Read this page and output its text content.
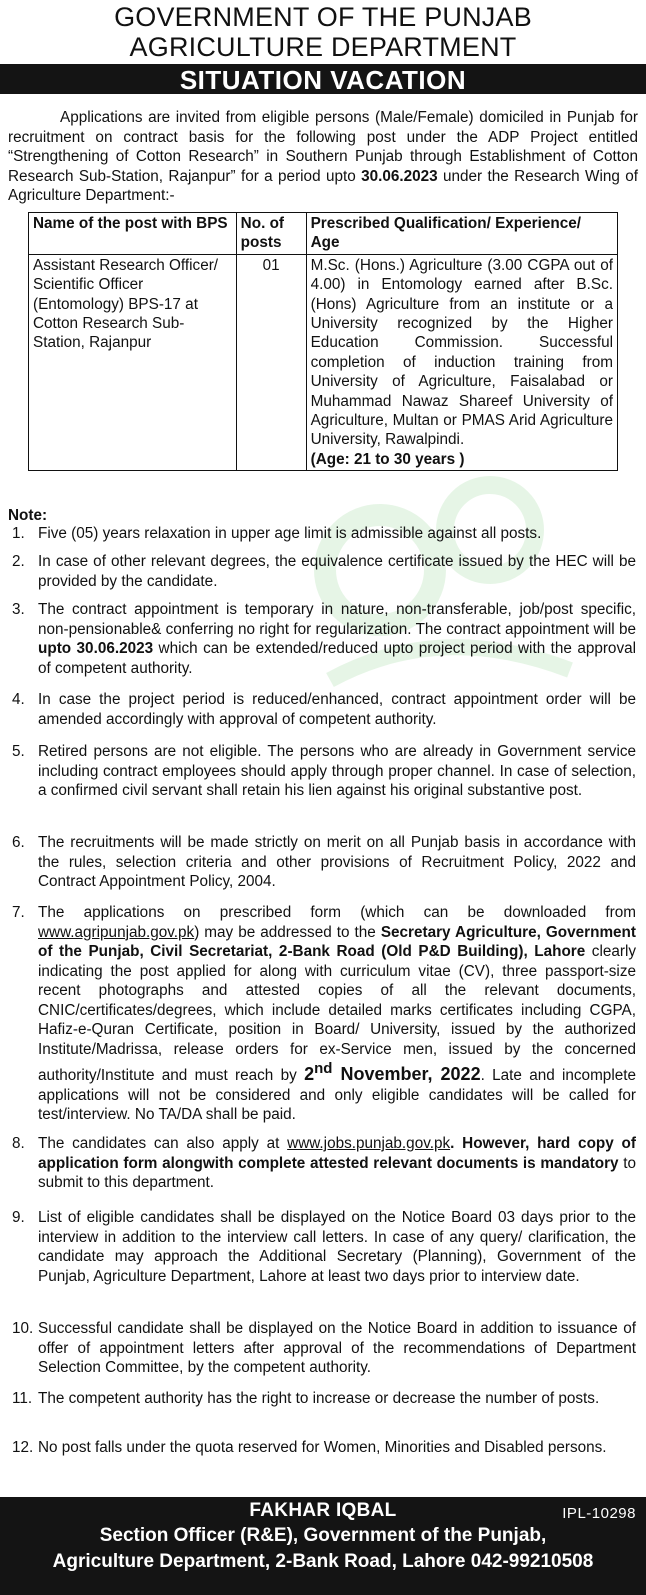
GOVERNMENT OF THE PUNJAB
AGRICULTURE DEPARTMENT
SITUATION VACATION

Applications are invited from eligible persons (Male/Female) domiciled in Punjab for recruitment on contract basis for the following post under the ADP Project entitled “Strengthening of Cotton Research” in Southern Punjab through Establishment of Cotton Research Sub-Station, Rajanpur” for a period upto 30.06.2023 under the Research Wing of Agriculture Department:-

Name of the post with BPS	No. of posts	Prescribed Qualification/ Experience/ Age
Assistant Research Officer/ Scientific Officer (Entomology) BPS-17 at Cotton Research Sub-Station, Rajanpur	01	M.Sc. (Hons.) Agriculture (3.00 CGPA out of 4.00) in Entomology earned after B.Sc. (Hons) Agriculture from an institute or a University recognized by the Higher Education Commission. Successful completion of induction training from University of Agriculture, Faisalabad or Muhammad Nawaz Shareef University of Agriculture, Multan or PMAS Arid Agriculture University, Rawalpindi.
(Age: 21 to 30 years )
Note:
1. Five (05) years relaxation in upper age limit is admissible against all posts.
2. In case of other relevant degrees, the equivalence certificate issued by the HEC will be provided by the candidate.
3. The contract appointment is temporary in nature, non-transferable, job/post specific, non-pensionable& conferring no right for regularization. The contract appointment will be upto 30.06.2023 which can be extended/reduced upto project period with the approval of competent authority.
4. In case the project period is reduced/enhanced, contract appointment order will be amended accordingly with approval of competent authority.
5. Retired persons are not eligible. The persons who are already in Government service including contract employees should apply through proper channel. In case of selection, a confirmed civil servant shall retain his lien against his original substantive post.
6. The recruitments will be made strictly on merit on all Punjab basis in accordance with the rules, selection criteria and other provisions of Recruitment Policy, 2022 and Contract Appointment Policy, 2004.
7. The applications on prescribed form (which can be downloaded from www.agripunjab.gov.pk) may be addressed to the Secretary Agriculture, Government of the Punjab, Civil Secretariat, 2-Bank Road (Old P&D Building), Lahore clearly indicating the post applied for along with curriculum vitae (CV), three passport-size recent photographs and attested copies of all the relevant documents, CNIC/certificates/degrees, which include detailed marks certificates including CGPA, Hafiz-e-Quran Certificate, position in Board/ University, issued by the authorized Institute/Madrissa, release orders for ex-Service men, issued by the concerned authority/Institute and must reach by 2nd November, 2022. Late and incomplete applications will not be considered and only eligible candidates will be called for test/interview. No TA/DA shall be paid.
8. The candidates can also apply at www.jobs.punjab.gov.pk. However, hard copy of application form alongwith complete attested relevant documents is mandatory to submit to this department.
9. List of eligible candidates shall be displayed on the Notice Board 03 days prior to the interview in addition to the interview call letters. In case of any query/ clarification, the candidate may approach the Additional Secretary (Planning), Government of the Punjab, Agriculture Department, Lahore at least two days prior to interview date.
10. Successful candidate shall be displayed on the Notice Board in addition to issuance of offer of appointment letters after approval of the recommendations of Department Selection Committee, by the competent authority.
11. The competent authority has the right to increase or decrease the number of posts.
12. No post falls under the quota reserved for Women, Minorities and Disabled persons.
FAKHAR IQBAL	IPL-10298
Section Officer (R&E), Government of the Punjab,
Agriculture Department, 2-Bank Road, Lahore 042-99210508
